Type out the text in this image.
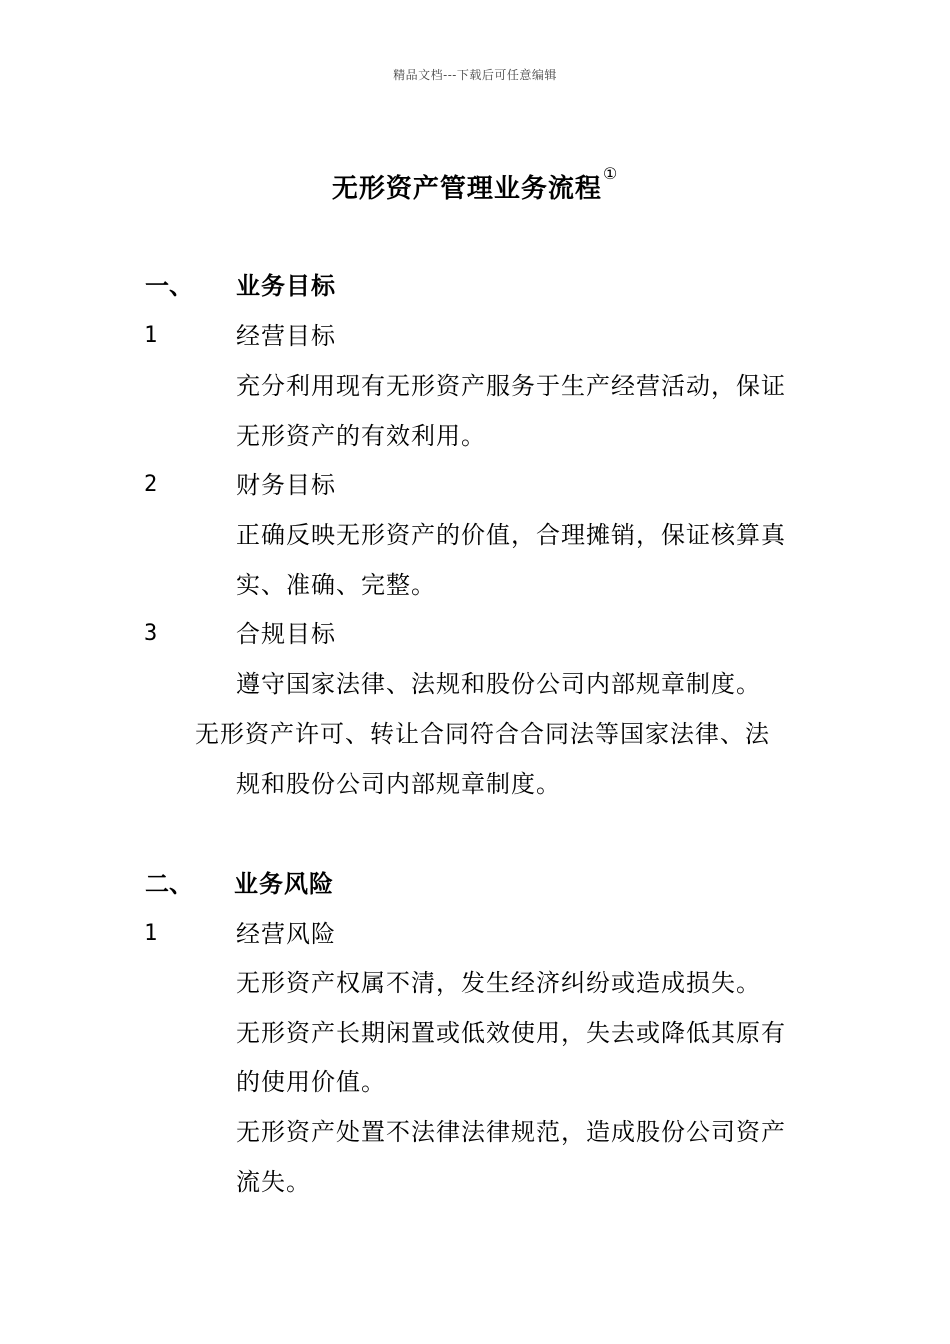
精品文档---下载后可任意编辑
无形资产管理业务流程①
一、 业务目标
1	经营目标
充分利用现有无形资产服务于生产经营活动，保证
无形资产的有效利用。
2	财务目标
正确反映无形资产的价值，合理摊销，保证核算真
实、准确、完整。
3	合规目标
遵守国家法律、法规和股份公司内部规章制度。
无形资产许可、转让合同符合合同法等国家法律、法
规和股份公司内部规章制度。
二、 业务风险
1	经营风险
无形资产权属不清，发生经济纠纷或造成损失。
无形资产长期闲置或低效使用，失去或降低其原有
的使用价值。
无形资产处置不法律法律规范，造成股份公司资产
流失。
